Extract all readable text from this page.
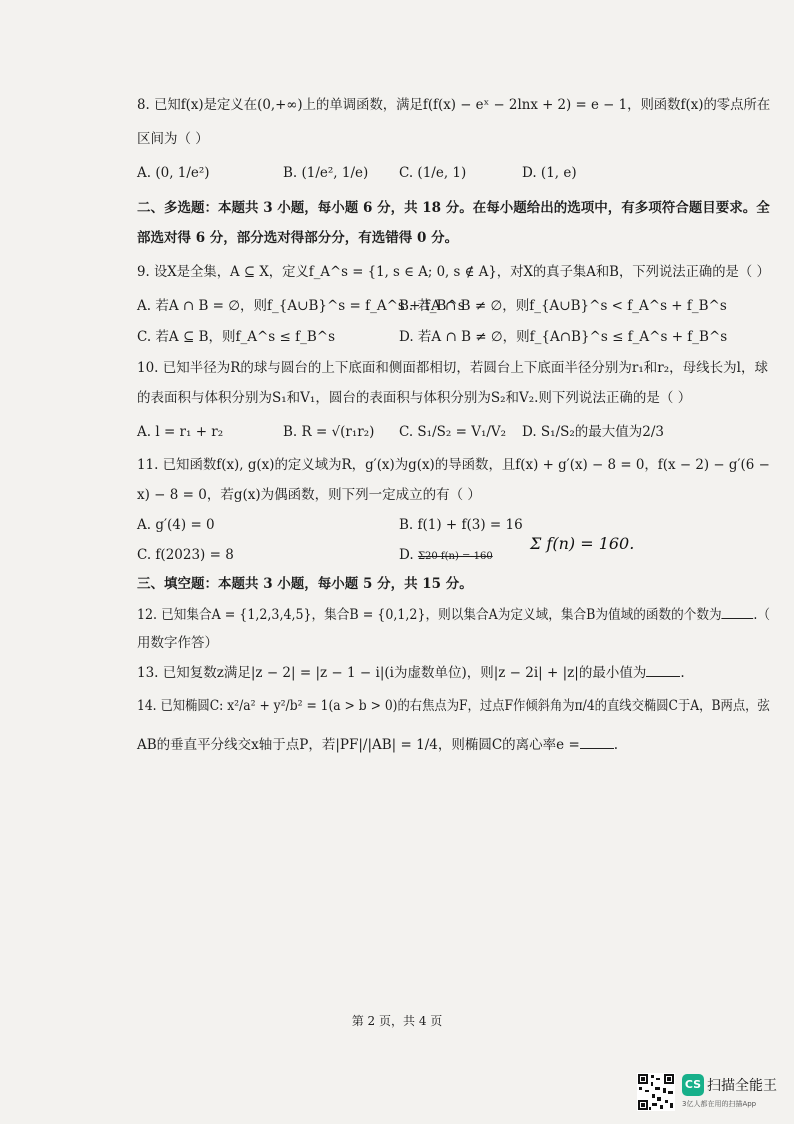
8. 已知f(x)是定义在(0,+∞)上的单调函数，满足f(f(x) − eˣ − 2lnx + 2) = e − 1，则函数f(x)的零点所在
区间为（ ）
A. (0, 1/e²)	B. (1/e², 1/e) C. (1/e, 1)	D. (1, e)
二、多选题：本题共 3 小题，每小题 6 分，共 18 分。在每小题给出的选项中，有多项符合题目要求。全
部选对得 6 分，部分选对得部分分，有选错得 0 分。
9. 设X是全集，A ⊆ X，定义f_A^s = {1, s ∈ A; 0, s ∉ A}，对X的真子集A和B，下列说法正确的是（ ）
A. 若A ∩ B = ∅，则f_{A∪B}^s = f_A^s + f_B^s
B. 若A ∩ B ≠ ∅，则f_{A∪B}^s < f_A^s + f_B^s
C. 若A ⊆ B，则f_A^s ≤ f_B^s	D. 若A ∩ B ≠ ∅，则f_{A∩B}^s ≤ f_A^s + f_B^s
10. 已知半径为R的球与圆台的上下底面和侧面都相切，若圆台上下底面半径分别为r₁和r₂，母线长为l，球
的表面积与体积分别为S₁和V₁，圆台的表面积与体积分别为S₂和V₂.则下列说法正确的是（ ）
A. l = r₁ + r₂	B. R = √(r₁r₂) C. S₁/S₂ = V₁/V₂ D. S₁/S₂的最大值为2/3
11. 已知函数f(x), g(x)的定义域为R，g′(x)为g(x)的导函数，且f(x) + g′(x) − 8 = 0，f(x − 2) − g′(6 −
x) − 8 = 0，若g(x)为偶函数，则下列一定成立的有（ ）
A. g′(4) = 0	B. f(1) + f(3) = 16
C. f(2023) = 8	D. Σ20 f(n) = 160
Σ f(n) = 160.
三、填空题：本题共 3 小题，每小题 5 分，共 15 分。
12. 已知集合A = {1,2,3,4,5}，集合B = {0,1,2}，则以集合A为定义域，集合B为值域的函数的个数为 .（
用数字作答）
13. 已知复数z满足|z − 2| = |z − 1 − i|(i为虚数单位)，则|z − 2i| + |z|的最小值为	.
14. 已知椭圆C: x²/a² + y²/b² = 1(a > b > 0)的右焦点为F，过点F作倾斜角为π/4的直线交椭圆C于A，B两点，弦
AB的垂直平分线交x轴于点P，若|PF|/|AB| = 1/4，则椭圆C的离心率e =	.
第 2 页，共 4 页
CS 扫描全能王
3亿人都在用的扫描App
